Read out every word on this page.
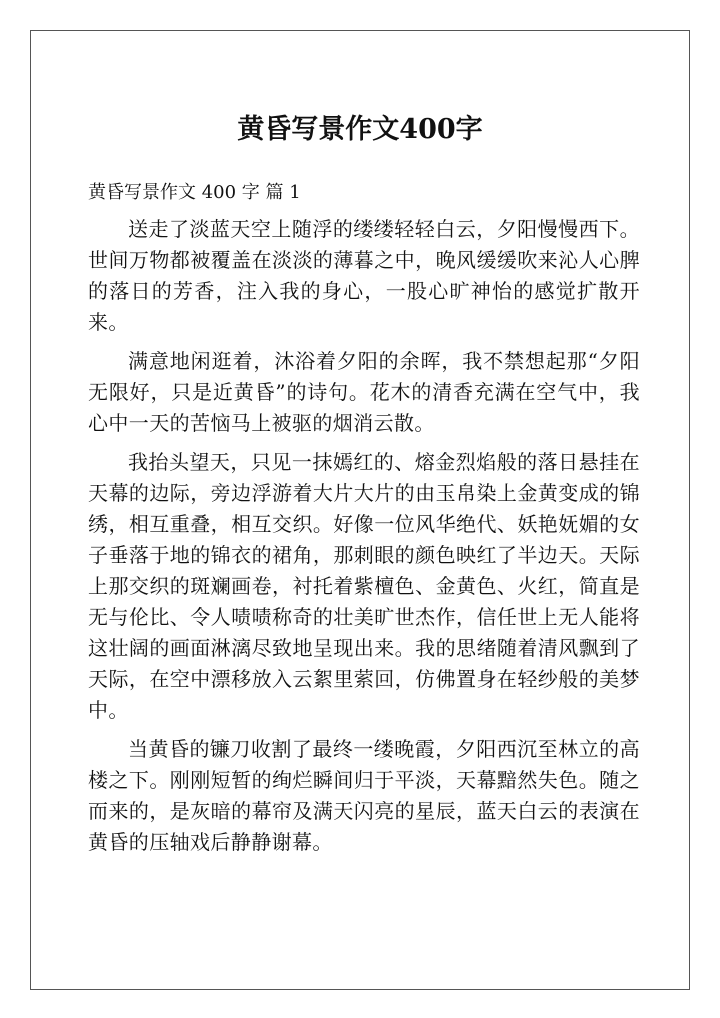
黄昏写景作文400字
黄昏写景作文 400 字 篇 1

送走了淡蓝天空上随浮的缕缕轻轻白云，夕阳慢慢西下。世间万物都被覆盖在淡淡的薄暮之中，晚风缓缓吹来沁人心脾的落日的芳香，注入我的身心，一股心旷神怡的感觉扩散开来。

满意地闲逛着，沐浴着夕阳的余晖，我不禁想起那“夕阳无限好，只是近黄昏”的诗句。花木的清香充满在空气中，我心中一天的苦恼马上被驱的烟消云散。

我抬头望天，只见一抹嫣红的、熔金烈焰般的落日悬挂在天幕的边际，旁边浮游着大片大片的由玉帛染上金黄变成的锦绣，相互重叠，相互交织。好像一位风华绝代、妖艳妩媚的女子垂落于地的锦衣的裙角，那刺眼的颜色映红了半边天。天际上那交织的斑斓画卷，衬托着紫檀色、金黄色、火红，简直是无与伦比、令人啧啧称奇的壮美旷世杰作，信任世上无人能将这壮阔的画面淋漓尽致地呈现出来。我的思绪随着清风飘到了天际，在空中漂移放入云絮里萦回，仿佛置身在轻纱般的美梦中。

当黄昏的镰刀收割了最终一缕晚霞，夕阳西沉至林立的高楼之下。刚刚短暂的绚烂瞬间归于平淡，天幕黯然失色。随之而来的，是灰暗的幕帘及满天闪亮的星辰，蓝天白云的表演在黄昏的压轴戏后静静谢幕。
